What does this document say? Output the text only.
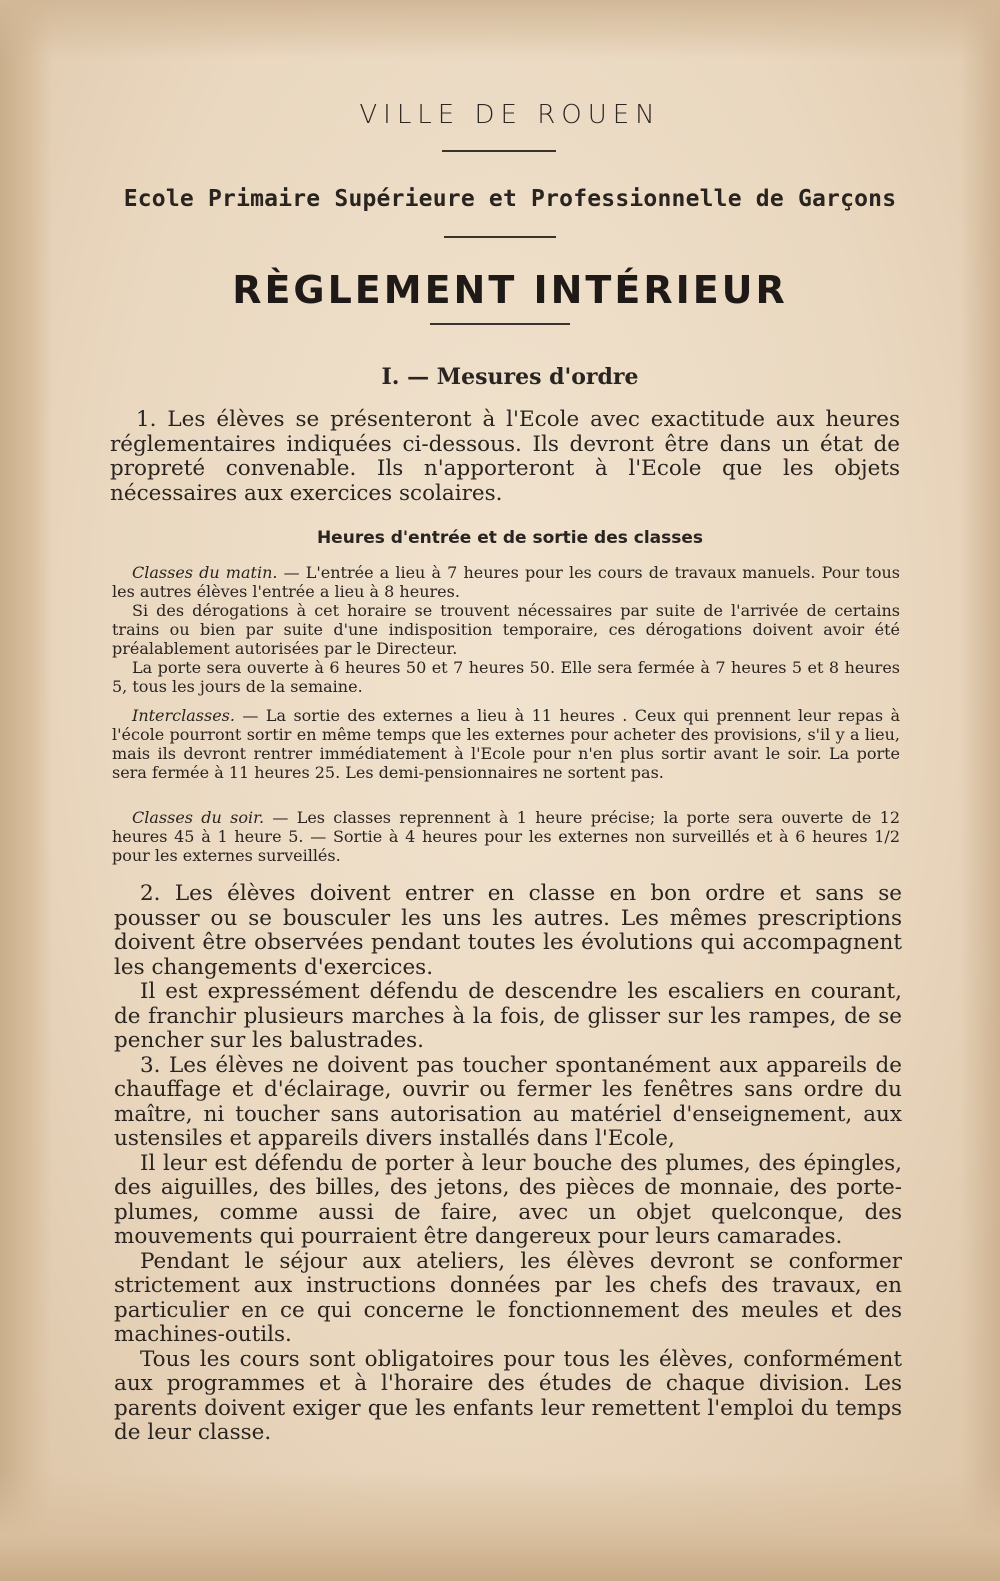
VILLE DE ROUEN
Ecole Primaire Supérieure et Professionnelle de Garçons
RÈGLEMENT INTÉRIEUR
I. — Mesures d'ordre

1. Les élèves se présenteront à l'Ecole avec exactitude aux heures réglementaires indiquées ci-dessous. Ils devront être dans un état de propreté convenable. Ils n'apporteront à l'Ecole que les objets nécessaires aux exercices scolaires.

Heures d'entrée et de sortie des classes

Classes du matin. — L'entrée a lieu à 7 heures pour les cours de travaux manuels. Pour tous les autres élèves l'entrée a lieu à 8 heures.

Si des dérogations à cet horaire se trouvent nécessaires par suite de l'arrivée de certains trains ou bien par suite d'une indisposition temporaire, ces dérogations doivent avoir été préalablement autorisées par le Directeur.

La porte sera ouverte à 6 heures 50 et 7 heures 50. Elle sera fermée à 7 heures 5 et 8 heures 5, tous les jours de la semaine.

Interclasses. — La sortie des externes a lieu à 11 heures . Ceux qui prennent leur repas à l'école pourront sortir en même temps que les externes pour acheter des provisions, s'il y a lieu, mais ils devront rentrer immédiatement à l'Ecole pour n'en plus sortir avant le soir. La porte sera fermée à 11 heures 25. Les demi-pensionnaires ne sortent pas.

Classes du soir. — Les classes reprennent à 1 heure précise; la porte sera ouverte de 12 heures 45 à 1 heure 5. — Sortie à 4 heures pour les externes non surveillés et à 6 heures 1/2 pour les externes surveillés.

2. Les élèves doivent entrer en classe en bon ordre et sans se pousser ou se bousculer les uns les autres. Les mêmes prescriptions doivent être observées pendant toutes les évolutions qui accompagnent les changements d'exercices.

Il est expressément défendu de descendre les escaliers en courant, de franchir plusieurs marches à la fois, de glisser sur les rampes, de se pencher sur les balustrades.

3. Les élèves ne doivent pas toucher spontanément aux appareils de chauffage et d'éclairage, ouvrir ou fermer les fenêtres sans ordre du maître, ni toucher sans autorisation au matériel d'enseignement, aux ustensiles et appareils divers installés dans l'Ecole,

Il leur est défendu de porter à leur bouche des plumes, des épingles, des aiguilles, des billes, des jetons, des pièces de monnaie, des porte-plumes, comme aussi de faire, avec un objet quelconque, des mouvements qui pourraient être dangereux pour leurs camarades.

Pendant le séjour aux ateliers, les élèves devront se conformer strictement aux instructions données par les chefs des travaux, en particulier en ce qui concerne le fonctionnement des meules et des machines-outils.

Tous les cours sont obligatoires pour tous les élèves, conformément aux programmes et à l'horaire des études de chaque division. Les parents doivent exiger que les enfants leur remettent l'emploi du temps de leur classe.
